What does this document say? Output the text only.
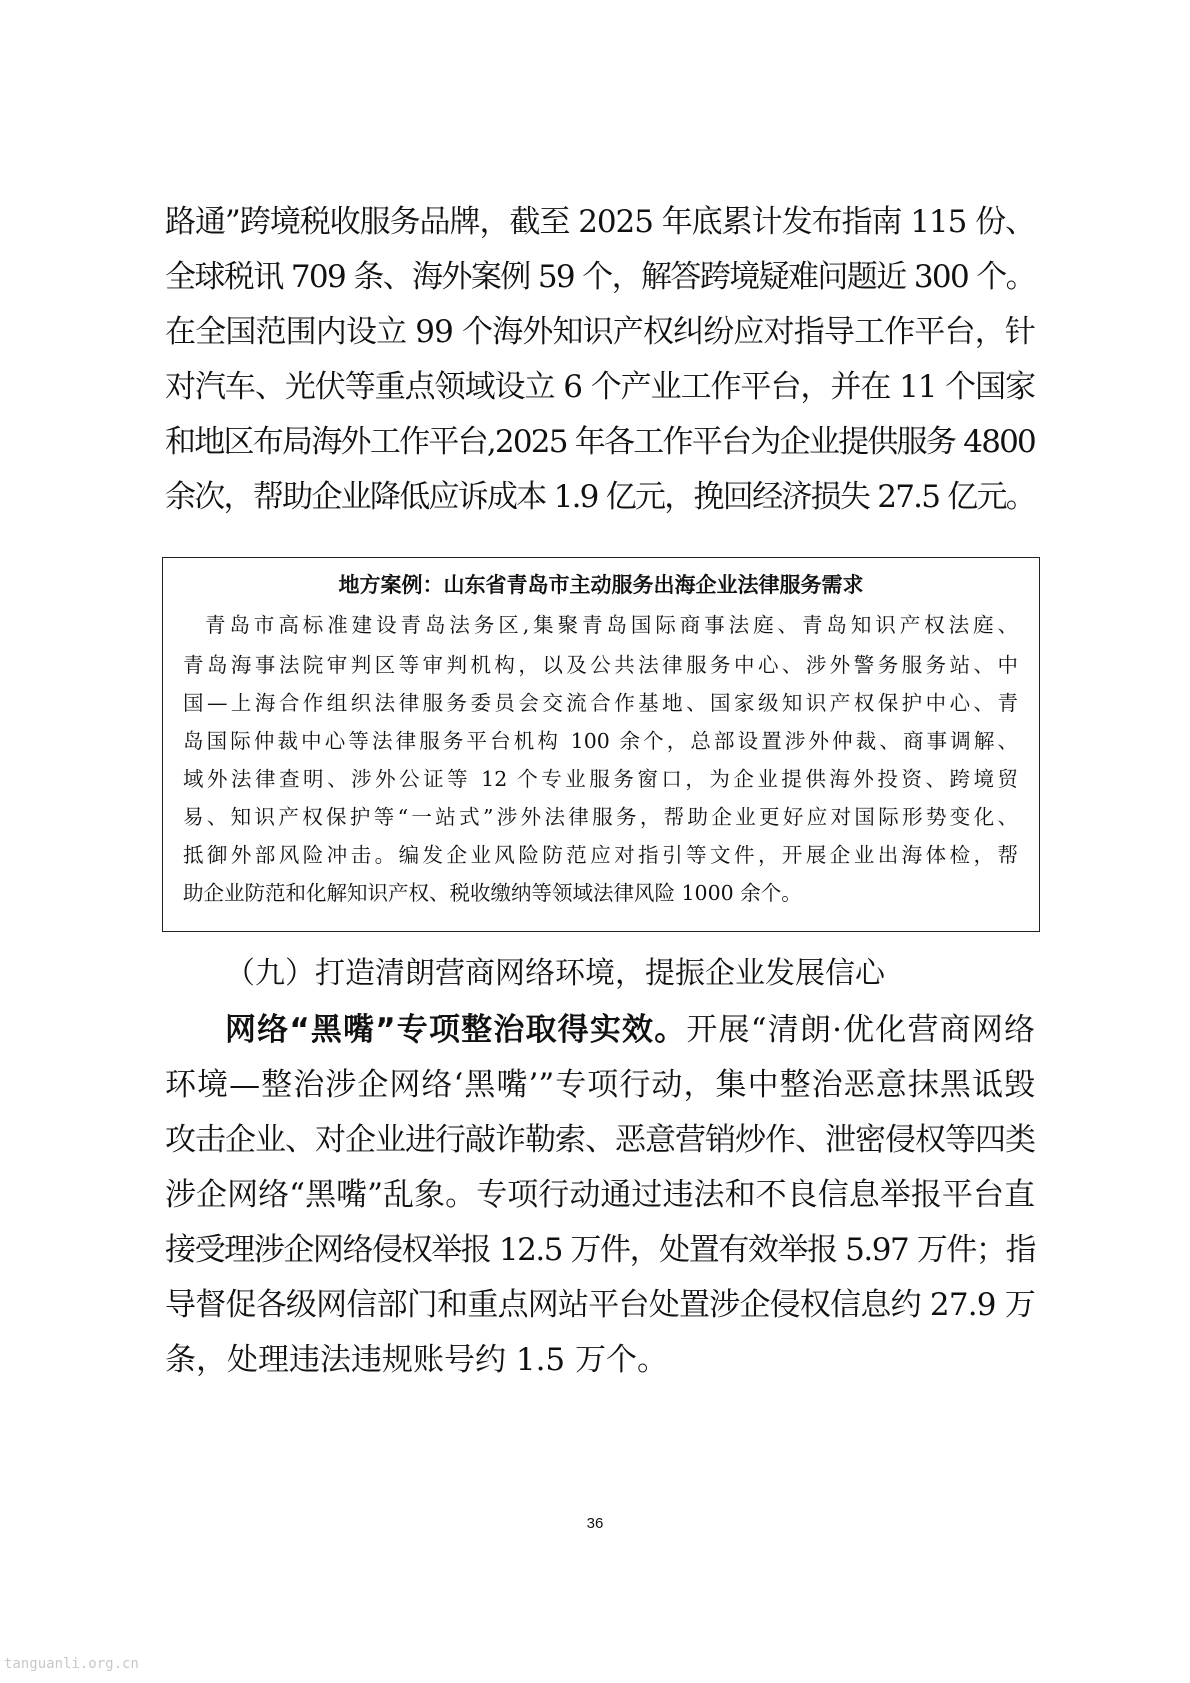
路通”跨境税收服务品牌，截至 2025 年底累计发布指南 115 份、
全球税讯 709 条、海外案例 59 个，解答跨境疑难问题近 300 个。
在全国范围内设立 99 个海外知识产权纠纷应对指导工作平台，针
对汽车、光伏等重点领域设立 6 个产业工作平台，并在 11 个国家
和地区布局海外工作平台,2025 年各工作平台为企业提供服务 4800
余次，帮助企业降低应诉成本 1.9 亿元，挽回经济损失 27.5 亿元。
地方案例：山东省青岛市主动服务出海企业法律服务需求
青岛市高标准建设青岛法务区,集聚青岛国际商事法庭、青岛知识产权法庭、
青岛海事法院审判区等审判机构，以及公共法律服务中心、涉外警务服务站、中
国—上海合作组织法律服务委员会交流合作基地、国家级知识产权保护中心、青
岛国际仲裁中心等法律服务平台机构 100 余个，总部设置涉外仲裁、商事调解、
域外法律查明、涉外公证等 12 个专业服务窗口，为企业提供海外投资、跨境贸
易、知识产权保护等“一站式”涉外法律服务，帮助企业更好应对国际形势变化、
抵御外部风险冲击。编发企业风险防范应对指引等文件，开展企业出海体检，帮
助企业防范和化解知识产权、税收缴纳等领域法律风险 1000 余个。
（九）打造清朗营商网络环境，提振企业发展信心
网络“黑嘴”专项整治取得实效。开展“清朗·优化营商网络
环境—整治涉企网络‘黑嘴’”专项行动，集中整治恶意抹黑诋毁
攻击企业、对企业进行敲诈勒索、恶意营销炒作、泄密侵权等四类
涉企网络“黑嘴”乱象。专项行动通过违法和不良信息举报平台直
接受理涉企网络侵权举报 12.5 万件，处置有效举报 5.97 万件；指
导督促各级网信部门和重点网站平台处置涉企侵权信息约 27.9 万
条，处理违法违规账号约 1.5 万个。
36
tanguanli.org.cn
